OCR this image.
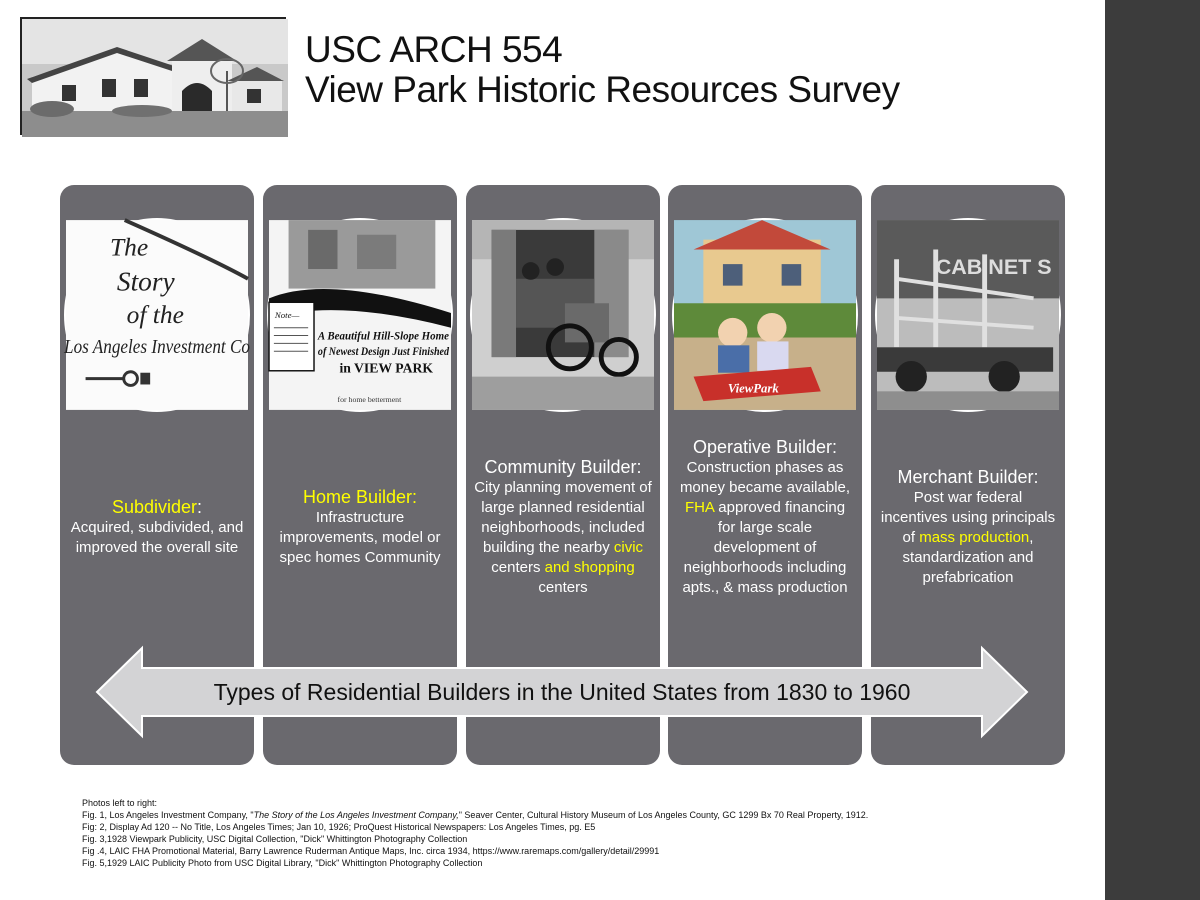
USC ARCH 554
View Park Historic Resources Survey
The
Story
of the
Los Angeles Investment Co
Subdivider:
Acquired, subdivided, and improved the overall site
Note—
A Beautiful Hill-Slope Home
of Newest Design Just Finished
in VIEW PARK
for home betterment
Home Builder:
Infrastructure improvements, model or spec homes Community
Community Builder:
City planning movement of large planned residential neighborhoods, included building the nearby civic centers and shopping centers
ViewPark
Operative Builder:
Construction phases as money became available, FHA approved financing for large scale development of neighborhoods including apts., & mass production
CABINET S
Merchant Builder:
Post war federal incentives using principals of mass production, standardization and prefabrication
Types of Residential Builders in the United States from 1830 to 1960
Photos left to right:
Fig. 1, Los Angeles Investment Company, "The Story of the Los Angeles Investment Company," Seaver Center, Cultural History Museum of Los Angeles County, GC 1299 Bx 70 Real Property, 1912.
Fig: 2, Display Ad 120 -- No Title, Los Angeles Times; Jan 10, 1926; ProQuest Historical Newspapers: Los Angeles Times, pg. E5
Fig. 3,1928 Viewpark Publicity, USC Digital Collection, "Dick" Whittington Photography Collection
Fig .4, LAIC FHA Promotional Material, Barry Lawrence Ruderman Antique Maps, Inc. circa 1934, https://www.raremaps.com/gallery/detail/29991
Fig. 5,1929 LAIC Publicity Photo from USC Digital Library, "Dick" Whittington Photography Collection
